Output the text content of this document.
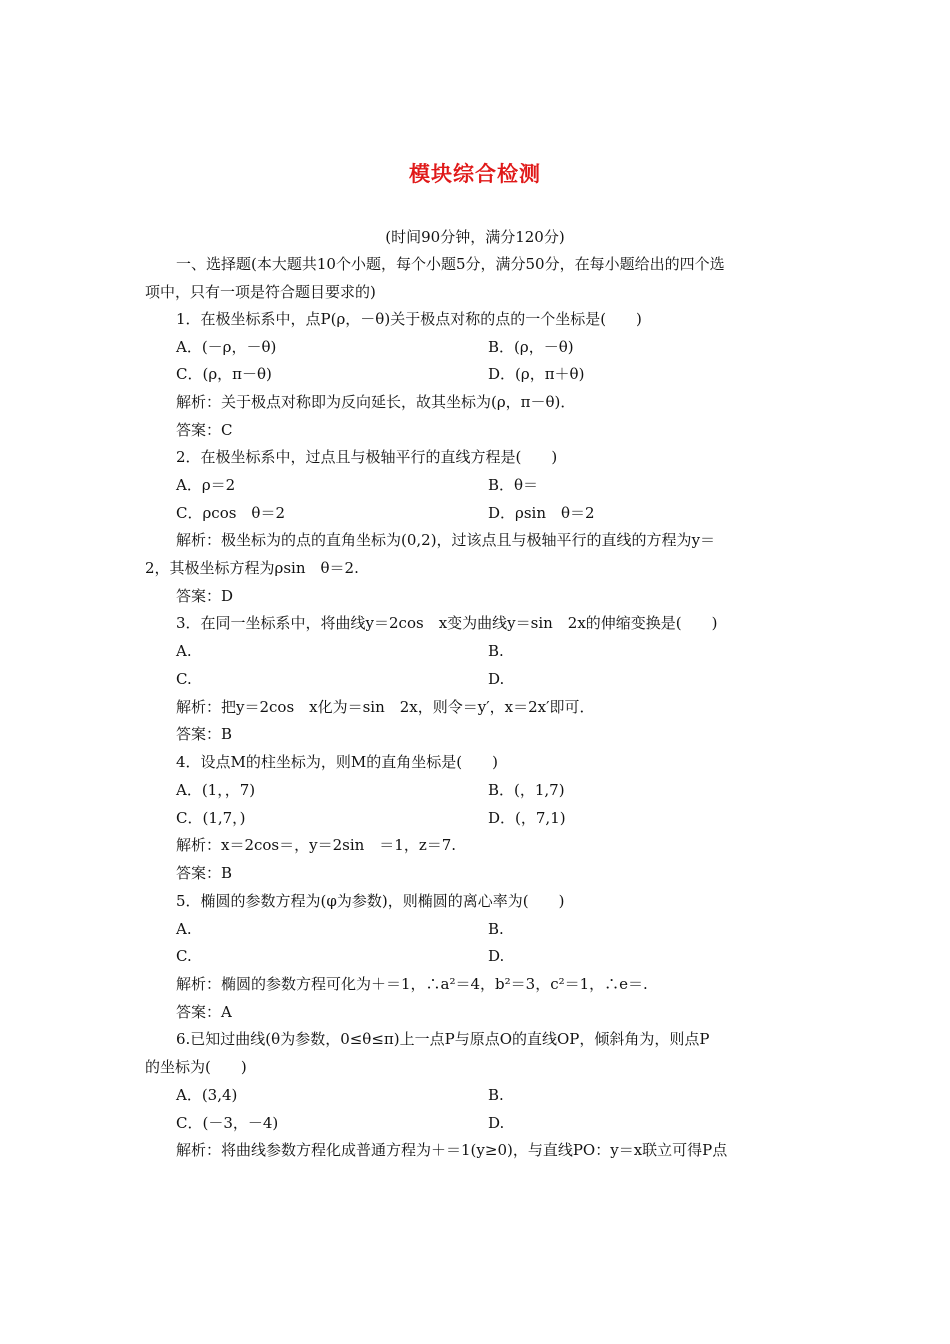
模块综合检测
(时间90分钟，满分120分)
一、选择题(本大题共10个小题，每个小题5分，满分50分，在每小题给出的四个选
项中，只有一项是符合题目要求的)
1．在极坐标系中，点P(ρ，－θ)关于极点对称的点的一个坐标是(　　)
A．(－ρ，－θ)	B．(ρ，－θ)
C．(ρ，π－θ)	D．(ρ，π＋θ)
解析：关于极点对称即为反向延长，故其坐标为(ρ，π－θ)．
答案：C
2．在极坐标系中，过点且与极轴平行的直线方程是(　　)
A．ρ＝2	B．θ＝
C．ρcos　θ＝2	D．ρsin　θ＝2
解析：极坐标为的点的直角坐标为(0,2)，过该点且与极轴平行的直线的方程为y＝
2，其极坐标方程为ρsin　θ＝2.
答案：D
3．在同一坐标系中，将曲线y＝2cos　x变为曲线y＝sin　2x的伸缩变换是(　　)
A.	B.
C.	D.
解析：把y＝2cos　x化为＝sin　2x，则令＝y′，x＝2x′即可．
答案：B
4．设点M的柱坐标为，则M的直角坐标是(　　)
A．(1，，7)	B．(，1,7)
C．(1,7，)	D．(，7,1)
解析：x＝2cos＝，y＝2sin　＝1，z＝7.
答案：B
5．椭圆的参数方程为(φ为参数)，则椭圆的离心率为(　　)
A.	B.
C.	D.
解析：椭圆的参数方程可化为＋＝1，∴a²＝4，b²＝3，c²＝1，∴e＝.
答案：A
6.已知过曲线(θ为参数，0≤θ≤π)上一点P与原点O的直线OP，倾斜角为，则点P
的坐标为(　　)
A．(3,4)	B.
C．(－3，－4)	D.
解析：将曲线参数方程化成普通方程为＋＝1(y≥0)，与直线PO：y＝x联立可得P点
